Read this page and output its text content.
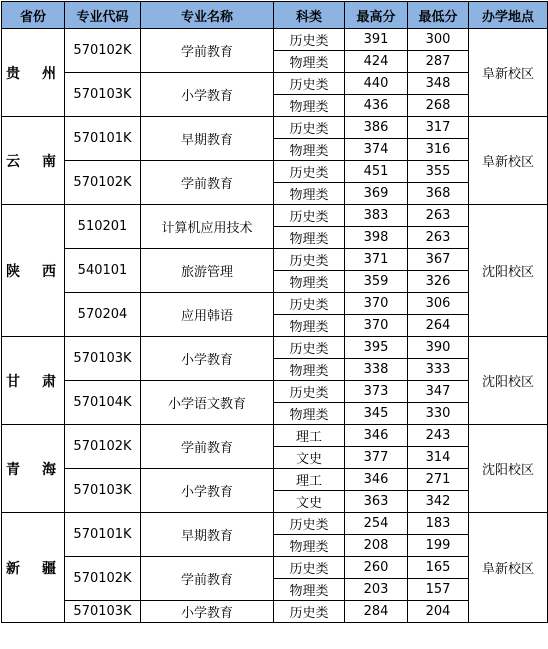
省份	专业代码	专业名称	科类	最高分	最低分	办学地点
贵　州	570102K	学前教育	历史类	391	300	阜新校区
			物理类	424	287	
	570103K	小学教育	历史类	440	348	
			物理类	436	268	
云　南	570101K	早期教育	历史类	386	317	阜新校区
			物理类	374	316	
	570102K	学前教育	历史类	451	355	
			物理类	369	368	
陕　西	510201	计算机应用技术	历史类	383	263	沈阳校区
			物理类	398	263	
	540101	旅游管理	历史类	371	367	
			物理类	359	326	
	570204	应用韩语	历史类	370	306	
			物理类	370	264	
甘　肃	570103K	小学教育	历史类	395	390	沈阳校区
			物理类	338	333	
	570104K	小学语文教育	历史类	373	347	
			物理类	345	330	
青　海	570102K	学前教育	理工	346	243	沈阳校区
			文史	377	314	
	570103K	小学教育	理工	346	271	
			文史	363	342	
新　疆	570101K	早期教育	历史类	254	183	阜新校区
			物理类	208	199	
	570102K	学前教育	历史类	260	165	
			物理类	203	157	
	570103K	小学教育	历史类	284	204	
